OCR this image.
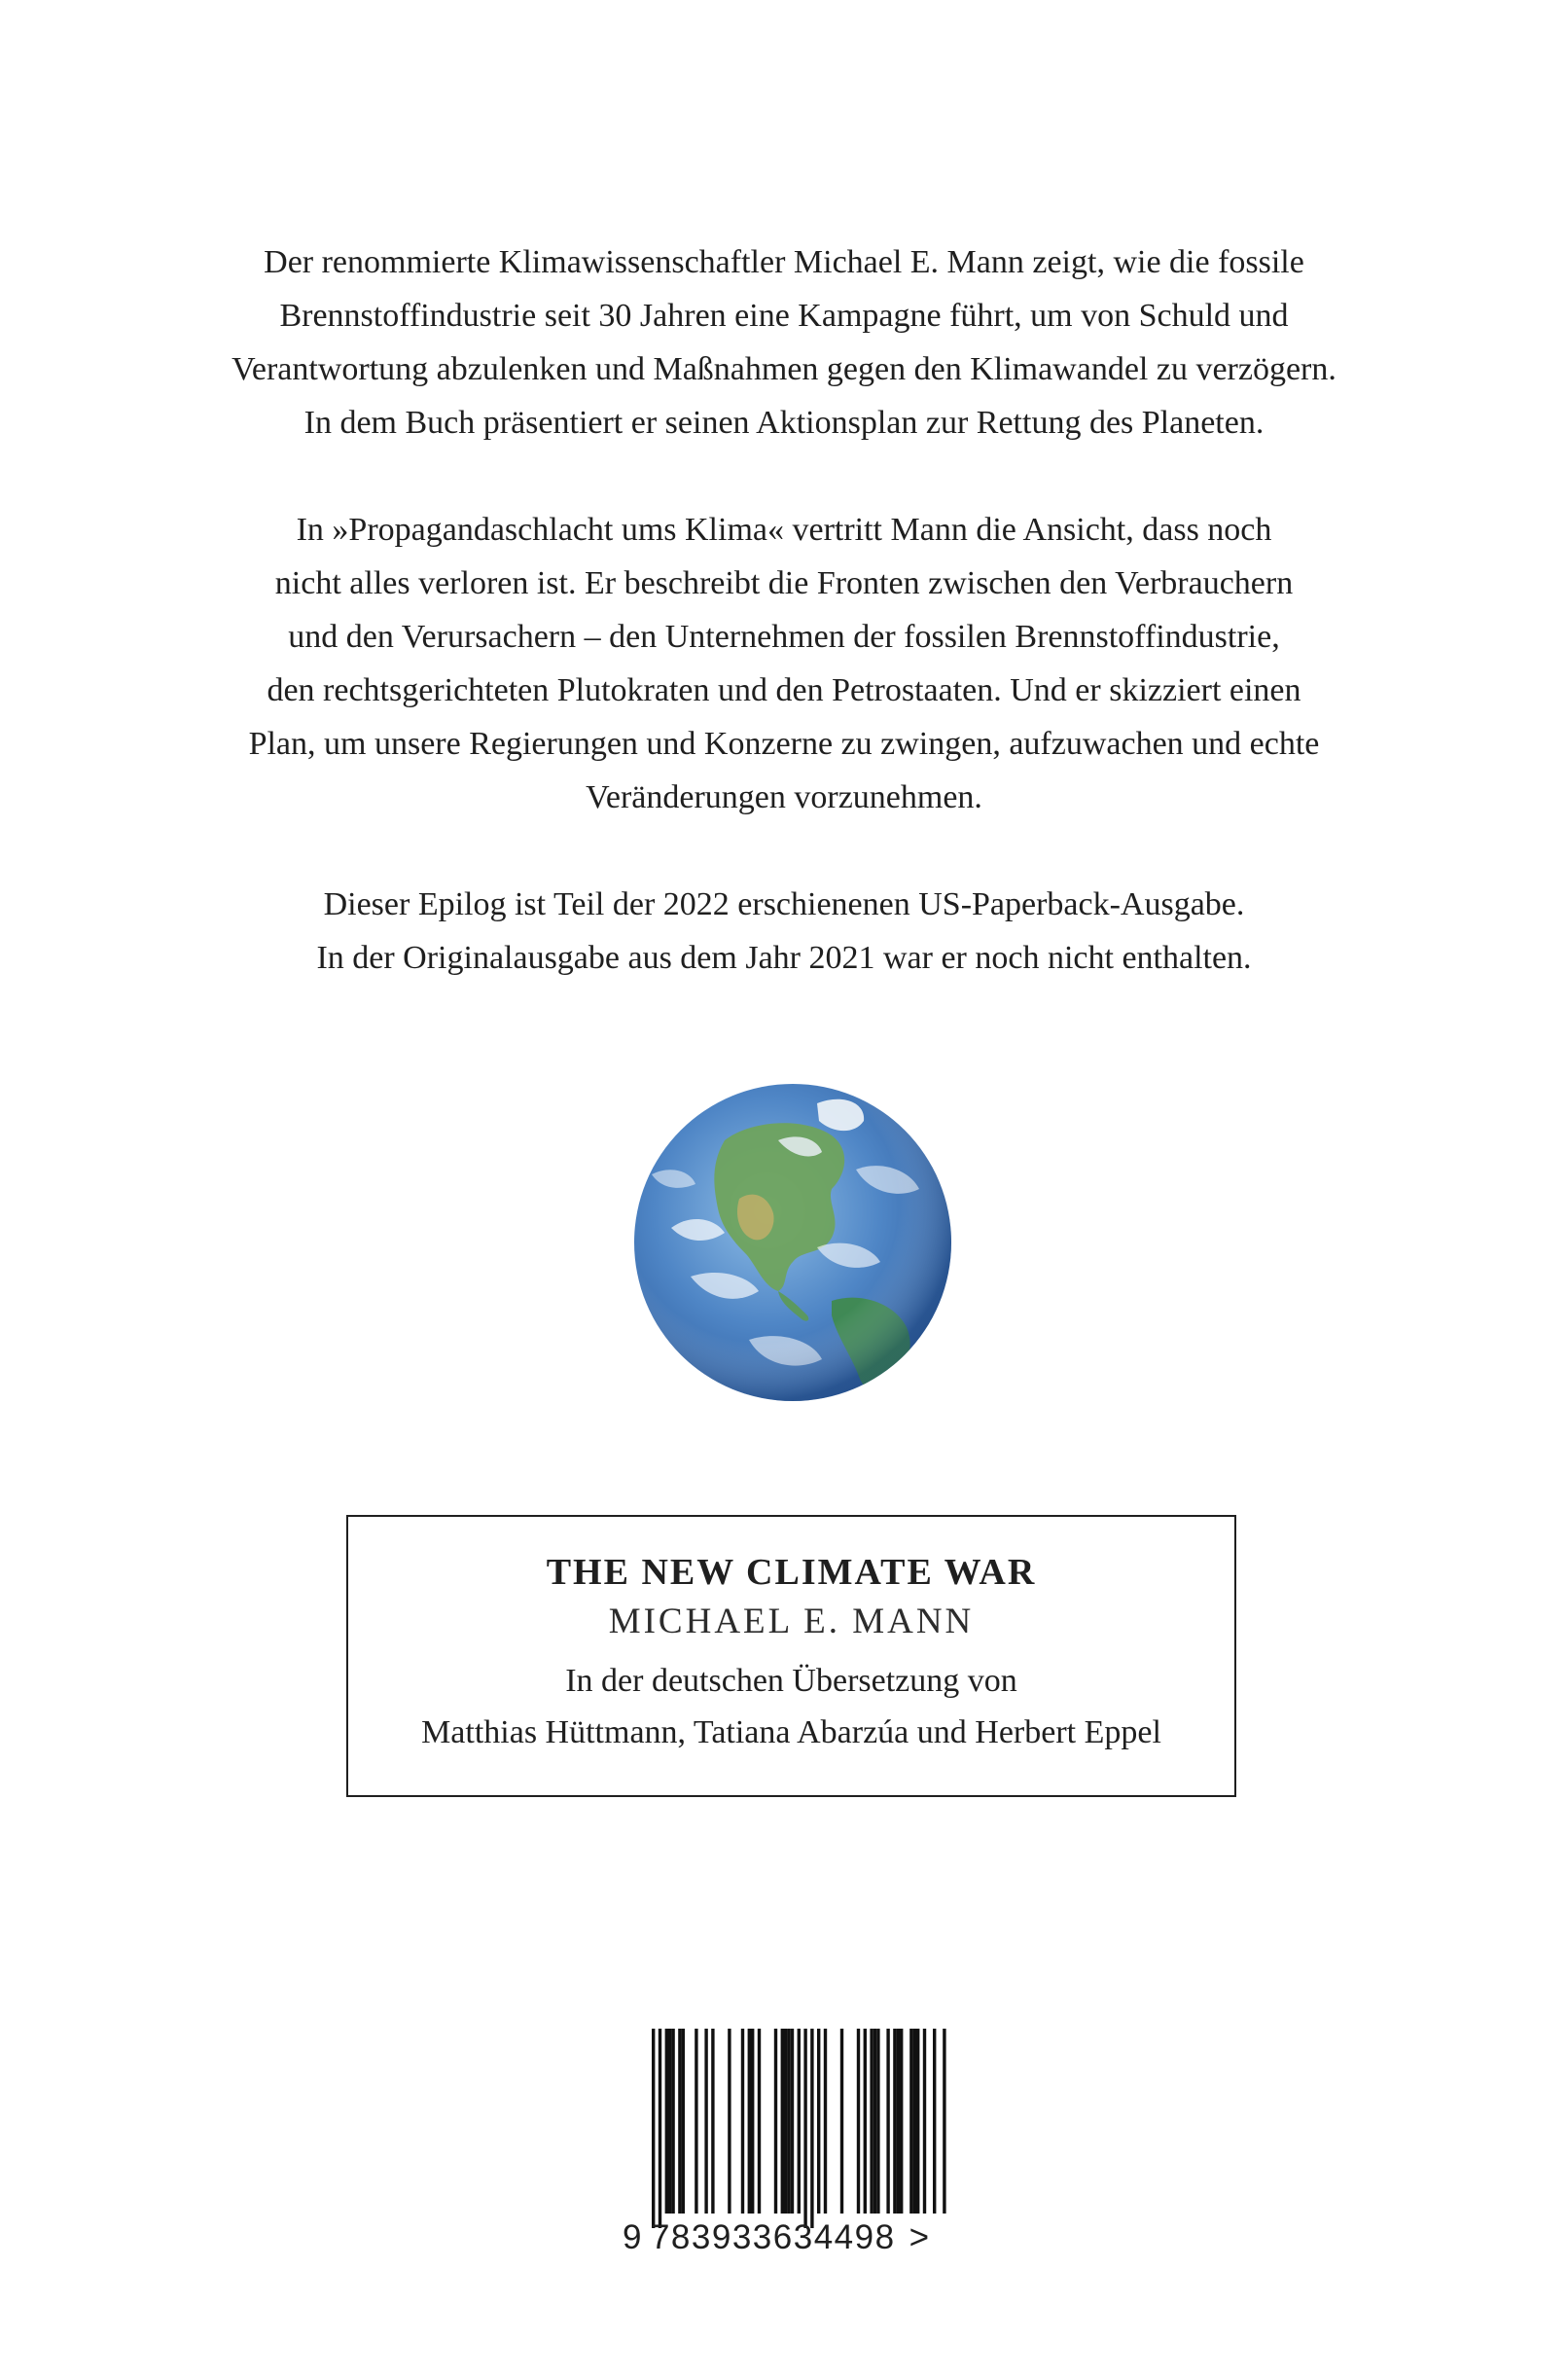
Der renommierte Klimawissenschaftler Michael E. Mann zeigt, wie die fossile
Brennstoffindustrie seit 30 Jahren eine Kampagne führt, um von Schuld und
Verantwortung abzulenken und Maßnahmen gegen den Klimawandel zu verzögern.
In dem Buch präsentiert er seinen Aktionsplan zur Rettung des Planeten.

In »Propagandaschlacht ums Klima« vertritt Mann die Ansicht, dass noch
nicht alles verloren ist. Er beschreibt die Fronten zwischen den Verbrauchern
und den Verursachern – den Unternehmen der fossilen Brennstoffindustrie,
den rechtsgerichteten Plutokraten und den Petrostaaten. Und er skizziert einen
Plan, um unsere Regierungen und Konzerne zu zwingen, aufzuwachen und echte
Veränderungen vorzunehmen.

Dieser Epilog ist Teil der 2022 erschienenen US-Paperback-Ausgabe.
In der Originalausgabe aus dem Jahr 2021 war er noch nicht enthalten.

THE NEW CLIMATE WAR
MICHAEL E. MANN
In der deutschen Übersetzung von
Matthias Hüttmann, Tatiana Abarzúa und Herbert Eppel
9 783933634498 >
